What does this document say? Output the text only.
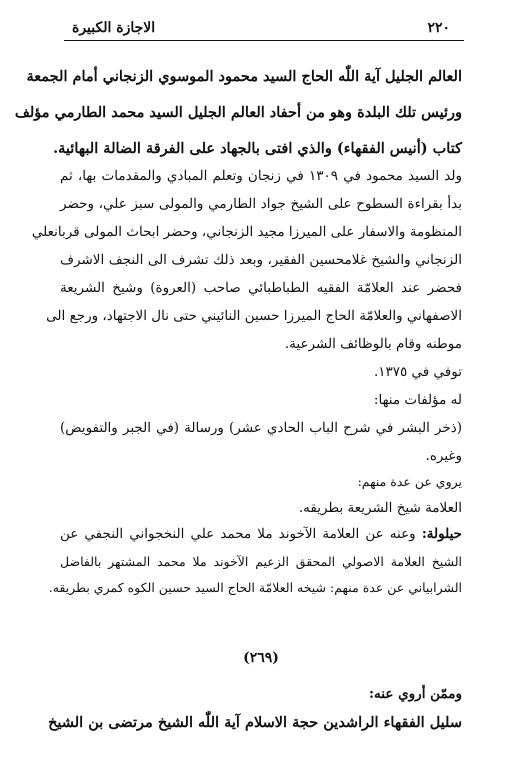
٢٢٠
الاجازة الكبيرة

العالم الجليل آية اللّٰه الحاج السيد محمود الموسوي الزنجاني أمام الجمعة

ورئيس تلك البلدة وهو من أحفاد العالم الجليل السيد محمد الطارمي مؤلف

كتاب (أنيس الفقهاء) والذي افتى بالجهاد على الفرقة الضالة البهائية.

ولد السيد محمود في ١٣٠٩ في زنجان وتعلم المبادي والمقدمات بها، ثم

بدأ بقراءة السطوح على الشيخ جواد الطارمي والمولى سبز علي، وحضر

المنظومة والاسفار على الميرزا مجيد الزنجاني، وحضر ابحاث المولى قربانعلي

الزنجاني والشيخ غلامحسين الفقير، وبعد ذلك تشرف الى النجف الاشرف

فحضر عند العلامّة الفقيه الطباطبائي صاحب (العروة) وشيخ الشريعة

الاصفهاني والعلامّة الحاج الميرزا حسين النائيني حتى نال الاجتهاد، ورجع الى

موطنه وقام بالوظائف الشرعية.

توفي في ١٣٧٥.

له مؤلفات منها:

(ذخر البشر في شرح الباب الحادي عشر) ورسالة (في الجبر والتفويض)

وغيره.

يروي عن عدة منهم:

العلامة شيخ الشريعة بطريقه.

حيلولة: وعنه عن العلامة الآخوند ملا محمد علي النخجواني النجفي عن

الشيخ العلامة الاصولي المحقق الزعيم الآخوند ملا محمد المشتهر بالفاضل

الشرابياني عن عدة منهم: شيخه العلامّة الحاج السيد حسين الكوه كمري بطريقه.

(٢٦٩)

وممّن أروي عنه:

سليل الفقهاء الراشدين حجة الاسلام آية اللّٰه الشيخ مرتضى بن الشيخ
